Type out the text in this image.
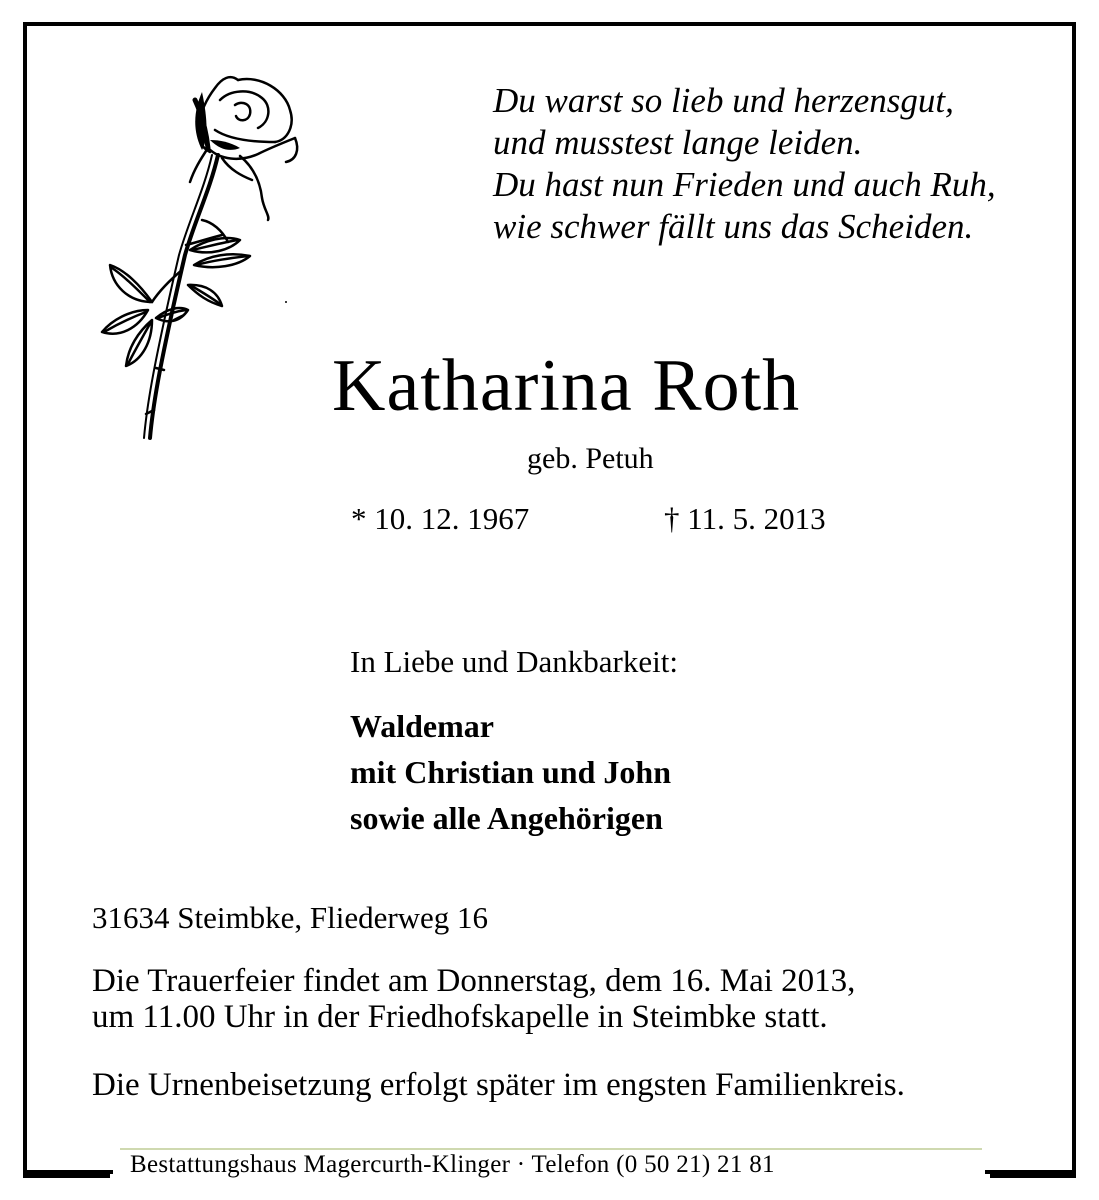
Du warst so lieb und herzensgut,
und musstest lange leiden.
Du hast nun Frieden und auch Ruh,
wie schwer fällt uns das Scheiden.
Katharina Roth
geb. Petuh
* 10. 12. 1967	† 11. 5. 2013
In Liebe und Dankbarkeit:
Waldemar
mit Christian und John
sowie alle Angehörigen
31634 Steimbke, Fliederweg 16
Die Trauerfeier findet am Donnerstag, dem 16. Mai 2013,
um 11.00 Uhr in der Friedhofskapelle in Steimbke statt.
Die Urnenbeisetzung erfolgt später im engsten Familienkreis.
Bestattungshaus Magercurth-Klinger · Telefon (0 50 21) 21 81
